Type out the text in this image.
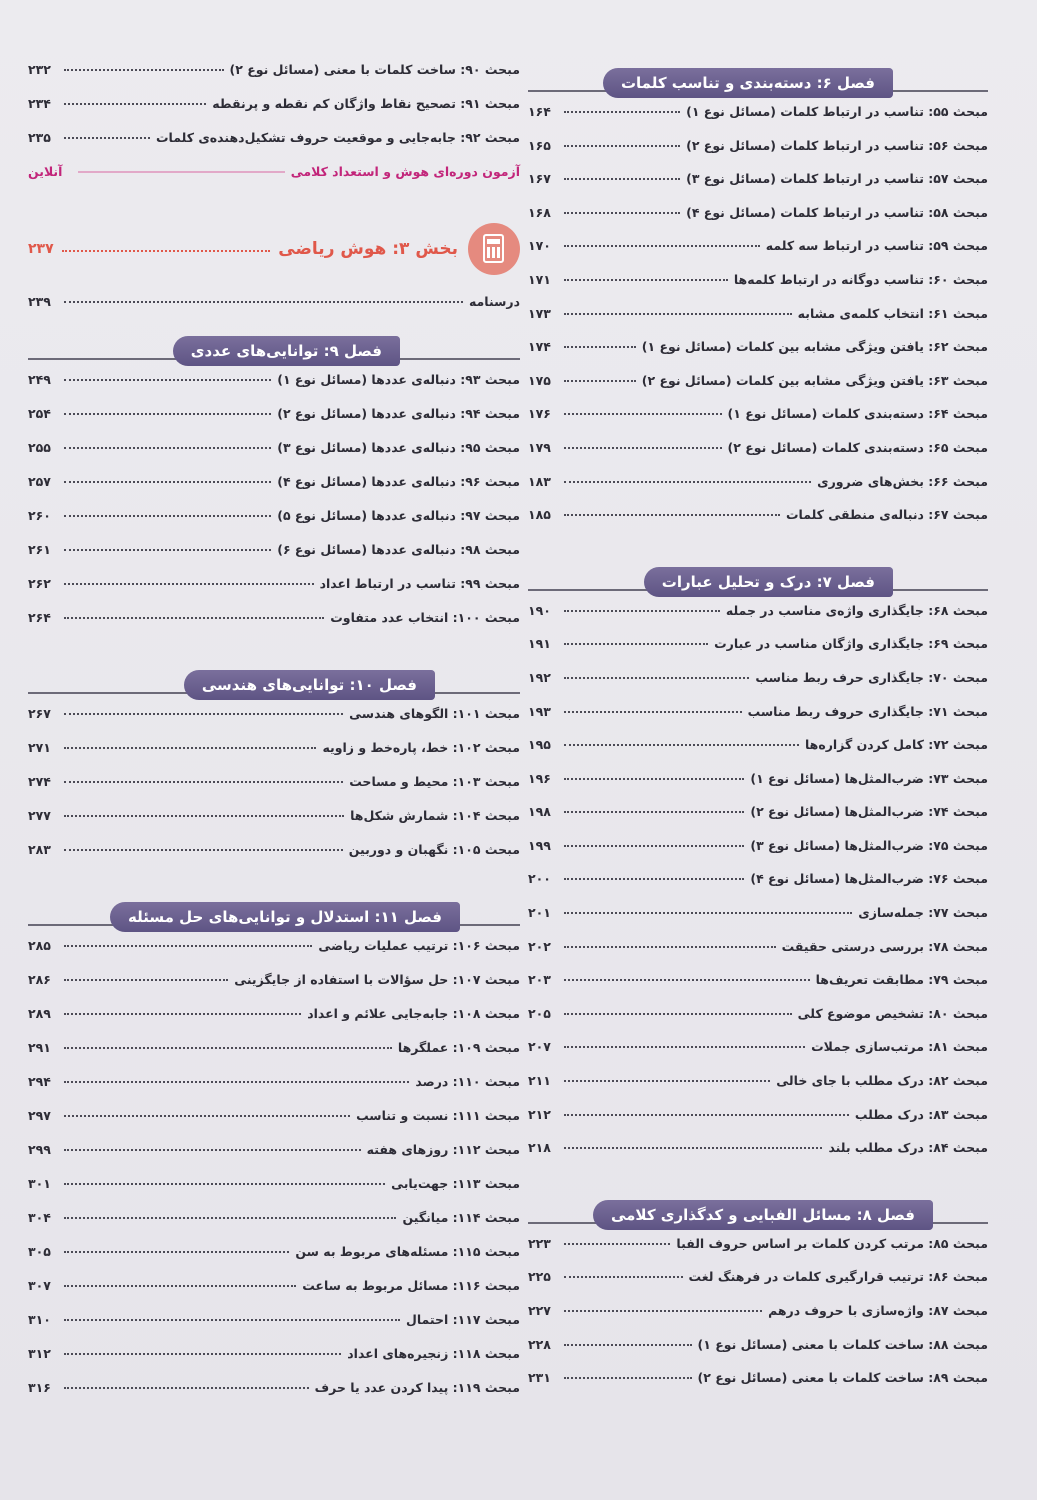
فصل ۶: دسته‌بندی و تناسب کلمات
مبحث ۵۵: تناسب در ارتباط کلمات (مسائل نوع ۱)
۱۶۴
مبحث ۵۶: تناسب در ارتباط کلمات (مسائل نوع ۲)
۱۶۵
مبحث ۵۷: تناسب در ارتباط کلمات (مسائل نوع ۳)
۱۶۷
مبحث ۵۸: تناسب در ارتباط کلمات (مسائل نوع ۴)
۱۶۸
مبحث ۵۹: تناسب در ارتباط سه کلمه
۱۷۰
مبحث ۶۰: تناسب دوگانه در ارتباط کلمه‌ها
۱۷۱
مبحث ۶۱: انتخاب کلمه‌ی مشابه
۱۷۳
مبحث ۶۲: یافتن ویژگی مشابه بین کلمات (مسائل نوع ۱)
۱۷۴
مبحث ۶۳: یافتن ویژگی مشابه بین کلمات (مسائل نوع ۲)
۱۷۵
مبحث ۶۴: دسته‌بندی کلمات (مسائل نوع ۱)
۱۷۶
مبحث ۶۵: دسته‌بندی کلمات (مسائل نوع ۲)
۱۷۹
مبحث ۶۶: بخش‌های ضروری
۱۸۳
مبحث ۶۷: دنباله‌ی منطقی کلمات
۱۸۵
فصل ۷: درک و تحلیل عبارات
مبحث ۶۸: جایگذاری واژه‌ی مناسب در جمله
۱۹۰
مبحث ۶۹: جایگذاری واژگان مناسب در عبارت
۱۹۱
مبحث ۷۰: جایگذاری حرف ربط مناسب
۱۹۲
مبحث ۷۱: جایگذاری حروف ربط مناسب
۱۹۳
مبحث ۷۲: کامل کردن گزاره‌ها
۱۹۵
مبحث ۷۳: ضرب‌المثل‌ها (مسائل نوع ۱)
۱۹۶
مبحث ۷۴: ضرب‌المثل‌ها (مسائل نوع ۲)
۱۹۸
مبحث ۷۵: ضرب‌المثل‌ها (مسائل نوع ۳)
۱۹۹
مبحث ۷۶: ضرب‌المثل‌ها (مسائل نوع ۴)
۲۰۰
مبحث ۷۷: جمله‌سازی
۲۰۱
مبحث ۷۸: بررسی درستی حقیقت
۲۰۲
مبحث ۷۹: مطابقت تعریف‌ها
۲۰۳
مبحث ۸۰: تشخیص موضوع کلی
۲۰۵
مبحث ۸۱: مرتب‌سازی جملات
۲۰۷
مبحث ۸۲: درک مطلب با جای خالی
۲۱۱
مبحث ۸۳: درک مطلب
۲۱۲
مبحث ۸۴: درک مطلب بلند
۲۱۸
فصل ۸: مسائل الفبایی و کدگذاری کلامی
مبحث ۸۵: مرتب کردن کلمات بر اساس حروف الفبا
۲۲۳
مبحث ۸۶: ترتیب قرارگیری کلمات در فرهنگ لغت
۲۲۵
مبحث ۸۷: واژه‌سازی با حروف درهم
۲۲۷
مبحث ۸۸: ساخت کلمات با معنی (مسائل نوع ۱)
۲۲۸
مبحث ۸۹: ساخت کلمات با معنی (مسائل نوع ۲)
۲۳۱
مبحث ۹۰: ساخت کلمات با معنی (مسائل نوع ۲)
۲۳۲
مبحث ۹۱: تصحیح نقاط واژگان کم نقطه و پرنقطه
۲۳۴
مبحث ۹۲: جابه‌جایی و موقعیت حروف تشکیل‌دهنده‌ی کلمات
۲۳۵
آزمون دوره‌ای هوش و استعداد کلامی
آنلاین
بخش ۳: هوش ریاضی
۲۳۷
درسنامه
۲۳۹
فصل ۹: توانایی‌های عددی
مبحث ۹۳: دنباله‌ی عددها (مسائل نوع ۱)
۲۴۹
مبحث ۹۴: دنباله‌ی عددها (مسائل نوع ۲)
۲۵۴
مبحث ۹۵: دنباله‌ی عددها (مسائل نوع ۳)
۲۵۵
مبحث ۹۶: دنباله‌ی عددها (مسائل نوع ۴)
۲۵۷
مبحث ۹۷: دنباله‌ی عددها (مسائل نوع ۵)
۲۶۰
مبحث ۹۸: دنباله‌ی عددها (مسائل نوع ۶)
۲۶۱
مبحث ۹۹: تناسب در ارتباط اعداد
۲۶۲
مبحث ۱۰۰: انتخاب عدد متفاوت
۲۶۴
فصل ۱۰: توانایی‌های هندسی
مبحث ۱۰۱: الگوهای هندسی
۲۶۷
مبحث ۱۰۲: خط، پاره‌خط و زاویه
۲۷۱
مبحث ۱۰۳: محیط و مساحت
۲۷۴
مبحث ۱۰۴: شمارش شکل‌ها
۲۷۷
مبحث ۱۰۵: نگهبان و دوربین
۲۸۳
فصل ۱۱: استدلال و توانایی‌های حل مسئله
مبحث ۱۰۶: ترتیب عملیات ریاضی
۲۸۵
مبحث ۱۰۷: حل سؤالات با استفاده از جایگزینی
۲۸۶
مبحث ۱۰۸: جابه‌جایی علائم و اعداد
۲۸۹
مبحث ۱۰۹: عملگرها
۲۹۱
مبحث ۱۱۰: درصد
۲۹۴
مبحث ۱۱۱: نسبت و تناسب
۲۹۷
مبحث ۱۱۲: روزهای هفته
۲۹۹
مبحث ۱۱۳: جهت‌یابی
۳۰۱
مبحث ۱۱۴: میانگین
۳۰۴
مبحث ۱۱۵: مسئله‌های مربوط به سن
۳۰۵
مبحث ۱۱۶: مسائل مربوط به ساعت
۳۰۷
مبحث ۱۱۷: احتمال
۳۱۰
مبحث ۱۱۸: زنجیره‌های اعداد
۳۱۲
مبحث ۱۱۹: پیدا کردن عدد یا حرف
۳۱۶
